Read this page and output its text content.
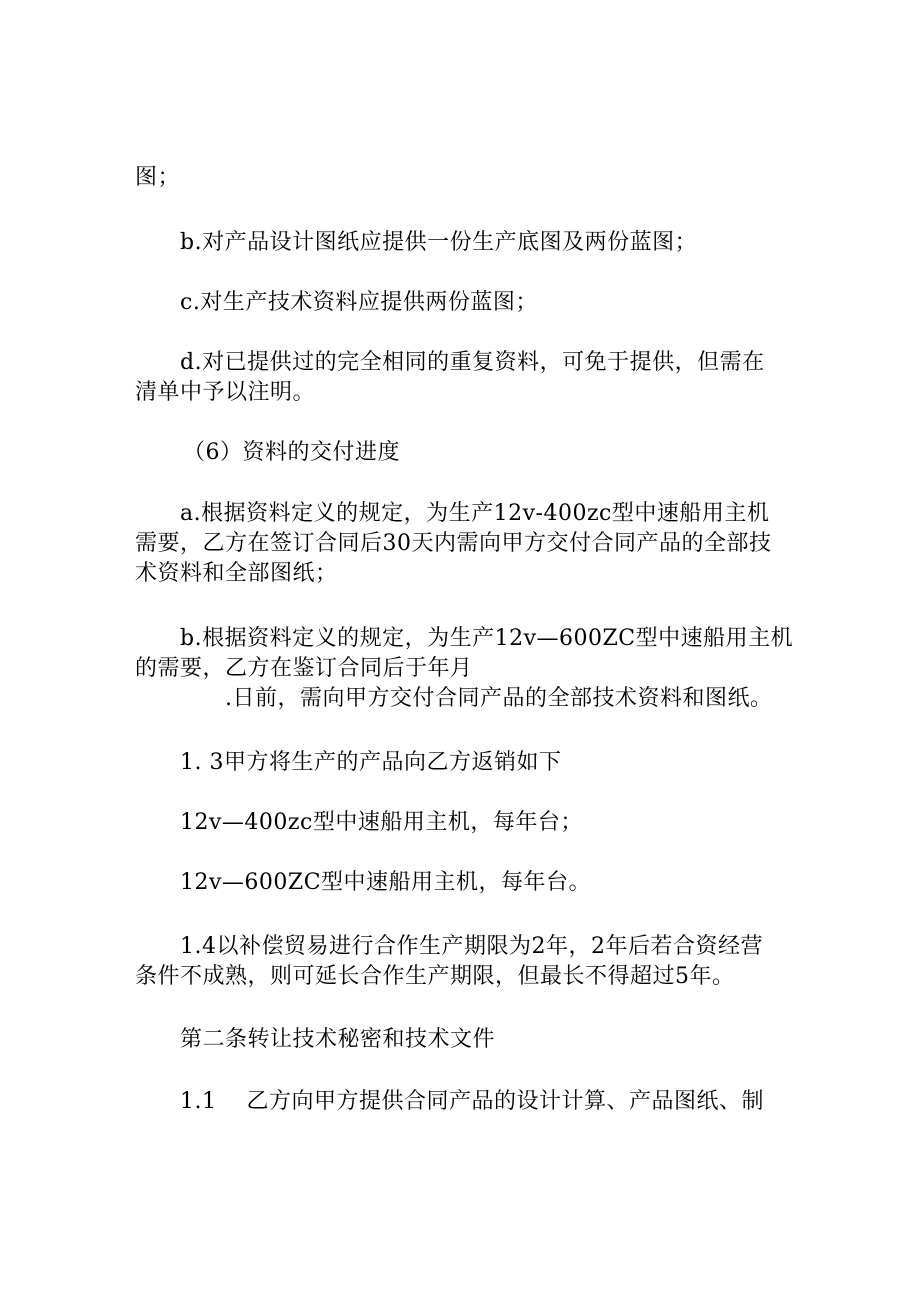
图；
b.对产品设计图纸应提供一份生产底图及两份蓝图；
c.对生产技术资料应提供两份蓝图；
d.对已提供过的完全相同的重复资料，可免于提供，但需在
清单中予以注明。
（6）资料的交付进度
a.根据资料定义的规定，为生产12v-400zc型中速船用主机
需要，乙方在签订合同后30天内需向甲方交付合同产品的全部技
术资料和全部图纸；
b.根据资料定义的规定，为生产12v—600ZC型中速船用主机
的需要，乙方在鉴订合同后于年月
.日前，需向甲方交付合同产品的全部技术资料和图纸。
1. 3甲方将生产的产品向乙方返销如下
12v—400zc型中速船用主机，每年台；
12v—600ZC型中速船用主机，每年台。
1.4以补偿贸易进行合作生产期限为2年，2年后若合资经营
条件不成熟，则可延长合作生产期限，但最长不得超过5年。
第二条转让技术秘密和技术文件
1.1　 乙方向甲方提供合同产品的设计计算、产品图纸、制
